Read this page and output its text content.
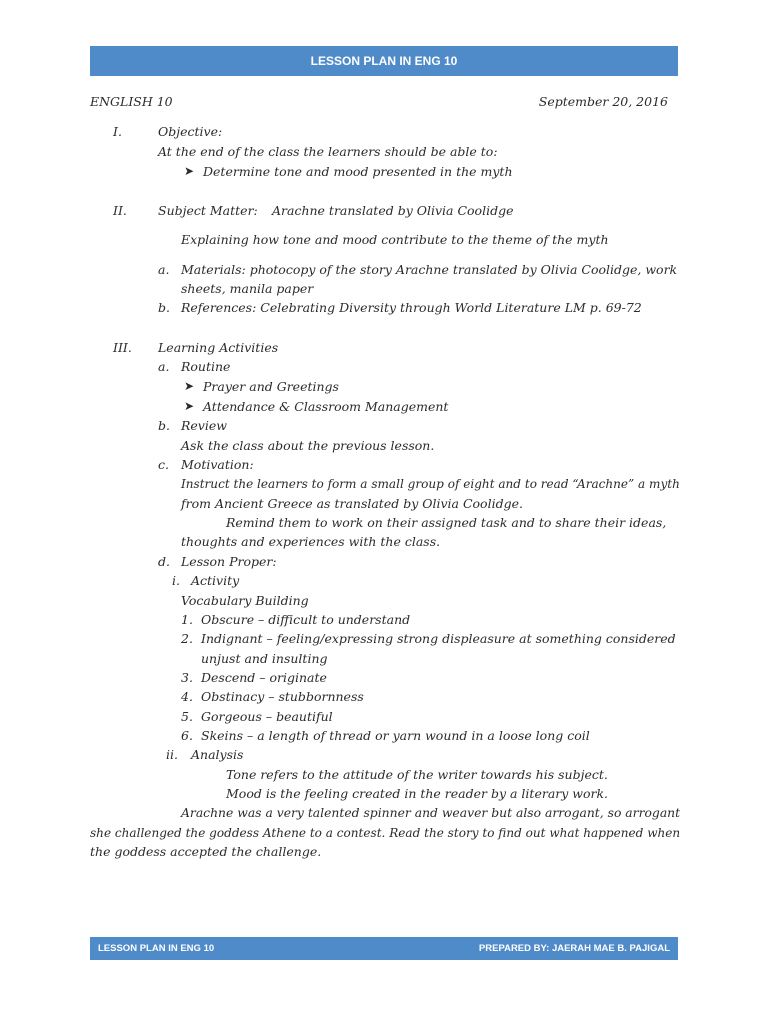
LESSON PLAN IN ENG 10
ENGLISH 10	September 20, 2016
I.	Objective:
At the end of the class the learners should be able to:
➤ Determine tone and mood presented in the myth
II. Subject Matter: Arachne translated by Olivia Coolidge
Explaining how tone and mood contribute to the theme of the myth
a. Materials: photocopy of the story Arachne translated by Olivia Coolidge, work
sheets, manila paper
b. References: Celebrating Diversity through World Literature LM p. 69-72
III. Learning Activities
a. Routine
➤ Prayer and Greetings
➤ Attendance & Classroom Management
b. Review
Ask the class about the previous lesson.
c. Motivation:
Instruct the learners to form a small group of eight and to read “Arachne” a myth
from Ancient Greece as translated by Olivia Coolidge.
Remind them to work on their assigned task and to share their ideas,
thoughts and experiences with the class.
d. Lesson Proper:
i. Activity
Vocabulary Building
1. Obscure – difficult to understand
2. Indignant – feeling/expressing strong displeasure at something considered
unjust and insulting
3. Descend – originate
4. Obstinacy – stubbornness
5. Gorgeous – beautiful
6. Skeins – a length of thread or yarn wound in a loose long coil
ii. Analysis
Tone refers to the attitude of the writer towards his subject.
Mood is the feeling created in the reader by a literary work.
Arachne was a very talented spinner and weaver but also arrogant, so arrogant
she challenged the goddess Athene to a contest. Read the story to find out what happened when
the goddess accepted the challenge.
LESSON PLAN IN ENG 10	PREPARED BY: JAERAH MAE B. PAJIGAL
